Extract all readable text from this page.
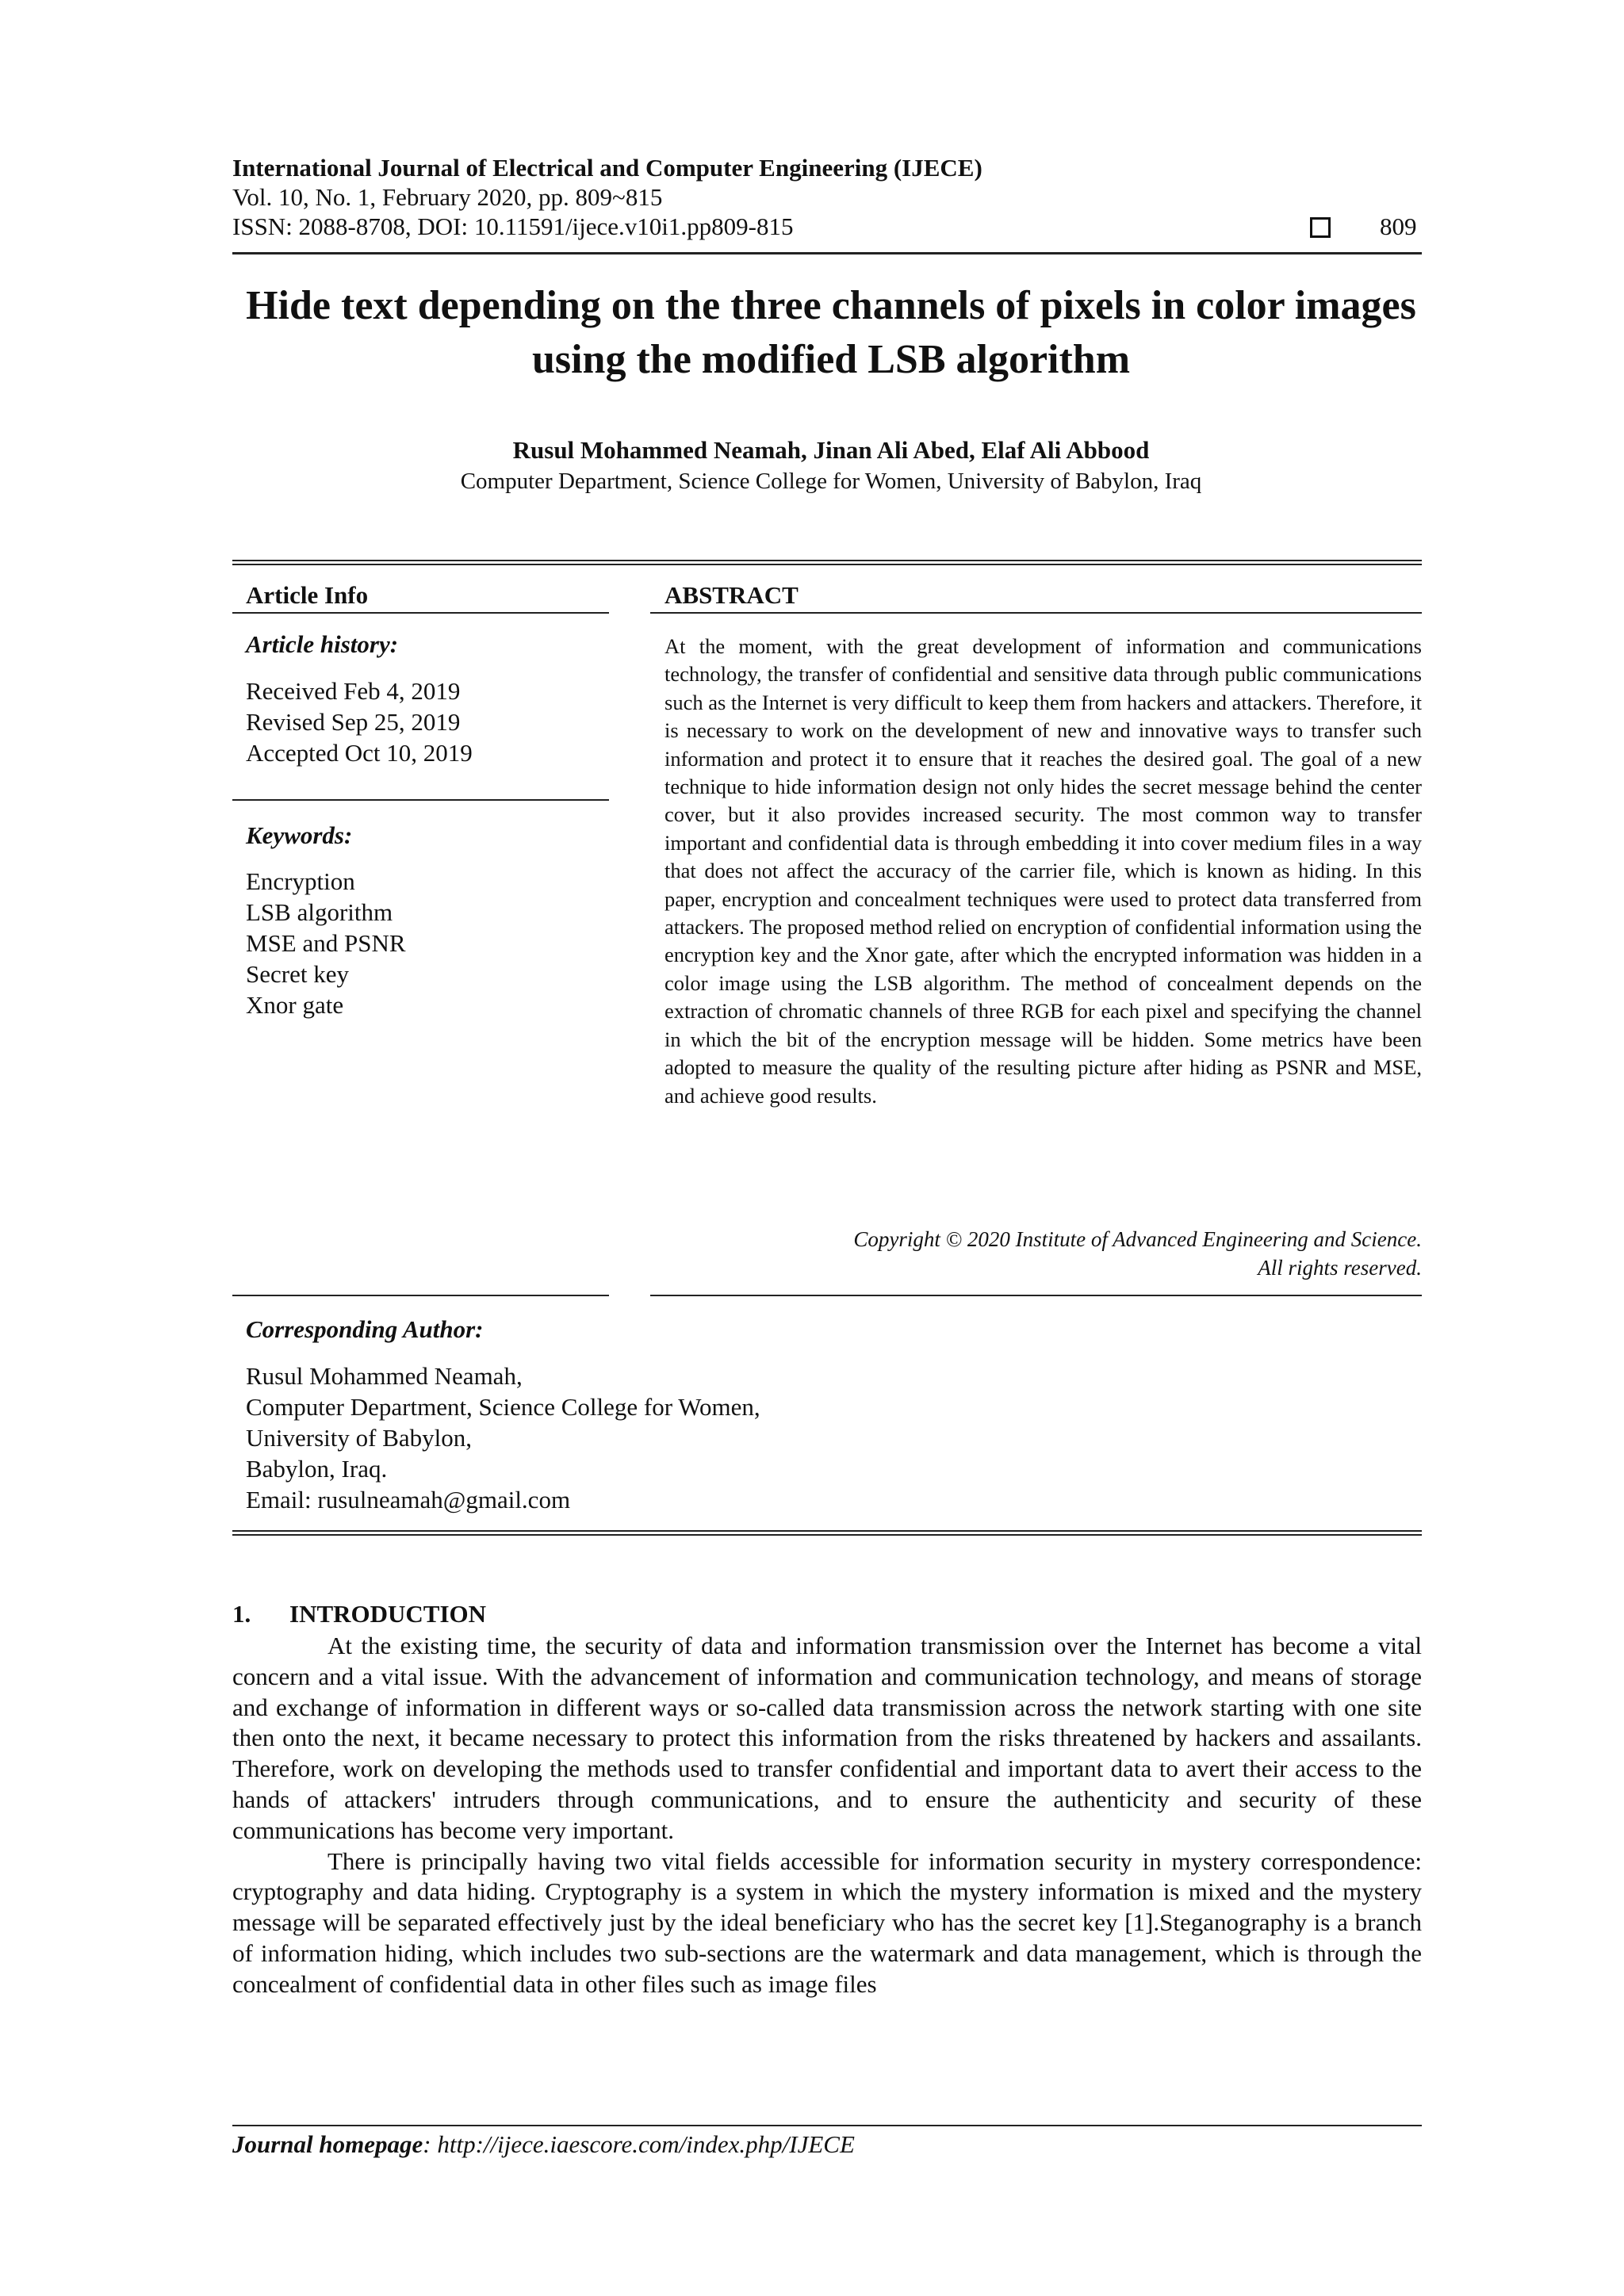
International Journal of Electrical and Computer Engineering (IJECE)
Vol. 10, No. 1, February 2020, pp. 809~815
ISSN: 2088-8708, DOI: 10.11591/ijece.v10i1.pp809-815	809
Hide text depending on the three channels of pixels in color images using the modified LSB algorithm
Rusul Mohammed Neamah, Jinan Ali Abed, Elaf Ali Abbood
Computer Department, Science College for Women, University of Babylon, Iraq
Article Info
Article history:
Received Feb 4, 2019
Revised Sep 25, 2019
Accepted Oct 10, 2019
Keywords:
Encryption
LSB algorithm
MSE and PSNR
Secret key
Xnor gate
ABSTRACT
At the moment, with the great development of information and communications technology, the transfer of confidential and sensitive data through public communications such as the Internet is very difficult to keep them from hackers and attackers. Therefore, it is necessary to work on the development of new and innovative ways to transfer such information and protect it to ensure that it reaches the desired goal. The goal of a new technique to hide information design not only hides the secret message behind the center cover, but it also provides increased security. The most common way to transfer important and confidential data is through embedding it into cover medium files in a way that does not affect the accuracy of the carrier file, which is known as hiding. In this paper, encryption and concealment techniques were used to protect data transferred from attackers. The proposed method relied on encryption of confidential information using the encryption key and the Xnor gate, after which the encrypted information was hidden in a color image using the LSB algorithm. The method of concealment depends on the extraction of chromatic channels of three RGB for each pixel and specifying the channel in which the bit of the encryption message will be hidden. Some metrics have been adopted to measure the quality of the resulting picture after hiding as PSNR and MSE, and achieve good results.
Copyright © 2020 Institute of Advanced Engineering and Science.
All rights reserved.
Corresponding Author:
Rusul Mohammed Neamah,
Computer Department, Science College for Women,
University of Babylon,
Babylon, Iraq.
Email: rusulneamah@gmail.com
1. INTRODUCTION

At the existing time, the security of data and information transmission over the Internet has become a vital concern and a vital issue. With the advancement of information and communication technology, and means of storage and exchange of information in different ways or so-called data transmission across the network starting with one site then onto the next, it became necessary to protect this information from the risks threatened by hackers and assailants. Therefore, work on developing the methods used to transfer confidential and important data to avert their access to the hands of attackers' intruders through communications, and to ensure the authenticity and security of these communications has become very important.

There is principally having two vital fields accessible for information security in mystery correspondence: cryptography and data hiding. Cryptography is a system in which the mystery information is mixed and the mystery message will be separated effectively just by the ideal beneficiary who has the secret key [1].Steganography is a branch of information hiding, which includes two sub-sections are the watermark and data management, which is through the concealment of confidential data in other files such as image files

Journal homepage: http://ijece.iaescore.com/index.php/IJECE
